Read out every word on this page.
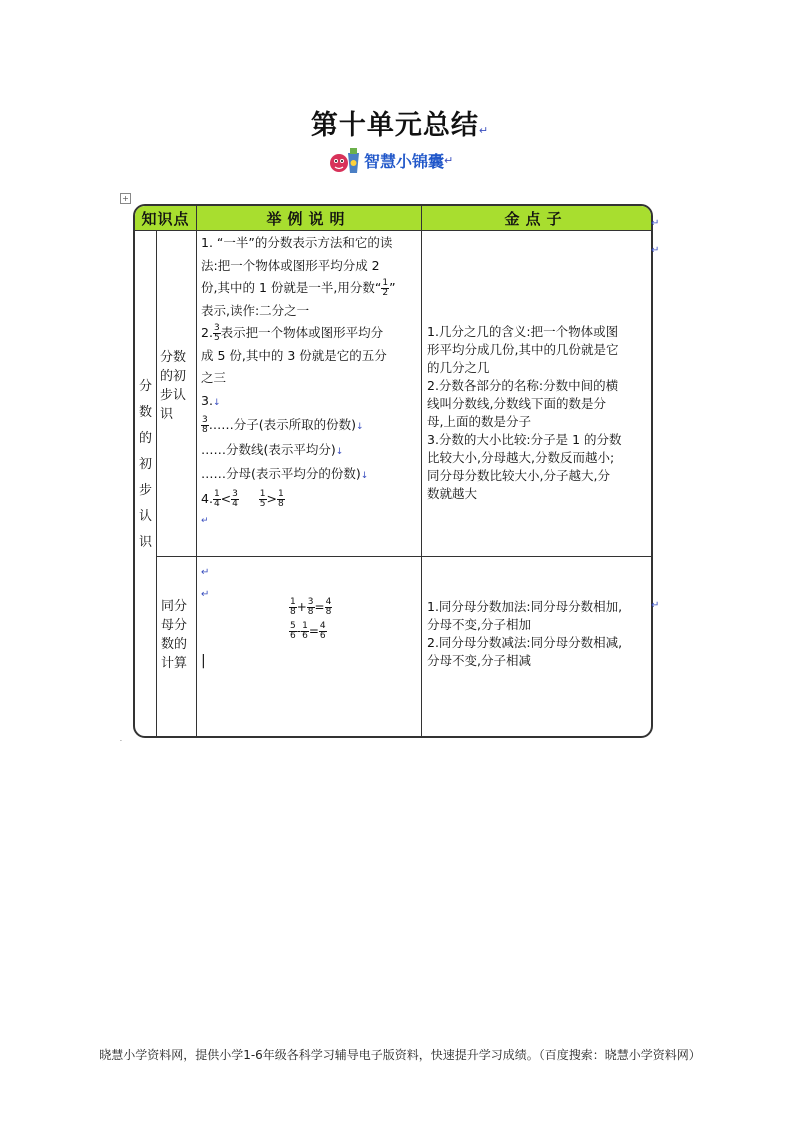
第十单元总结↵
智慧小锦囊 ↵
+
知识点	举例说明	金点子
分数的初步认识
分数的初步认识
1. “一半”的分数表示方法和它的读
法:把一个物体或图形平均分成 2
份,其中的 1 份就是一半,用分数“ $\frac{1}{2}$ ”
表示,读作:二分之一
2. $\frac{3}{5}$ 表示把一个物体或图形平均分
成 5 份,其中的 3 份就是它的五分
之三
3.↓
$\frac{3}{8}$ ……分子(表示所取的份数)↓
……分数线(表示平均分)↓
……分母(表示平均分的份数)↓
4. $\frac{1}{4} < \frac{3}{4}$
$\frac{1}{5} > \frac{1}{8}$
↵
1.几分之几的含义:把一个物体或图
形平均分成几份,其中的几份就是它
的几分之几
2.分数各部分的名称:分数中间的横
线叫分数线,分数线下面的数是分
母,上面的数是分子
3.分数的大小比较:分子是 1 的分数
比较大小,分母越大,分数反而越小;
同分母分数比较大小,分子越大,分
数就越大
同分母分数的计算
$\frac{1}{8} + \frac{3}{8} = \frac{4}{8}$
$\frac{5}{6} - \frac{1}{6} = \frac{4}{6}$
↵
↵

|
1.同分母分数加法:同分母分数相加,
分母不变,分子相加
2.同分母分数减法:同分母分数相减,
分母不变,分子相减
↵
↵
↵
.
晓慧小学资料网，提供小学1-6年级各科学习辅导电子版资料，快速提升学习成绩。（百度搜索：晓慧小学资料网）
